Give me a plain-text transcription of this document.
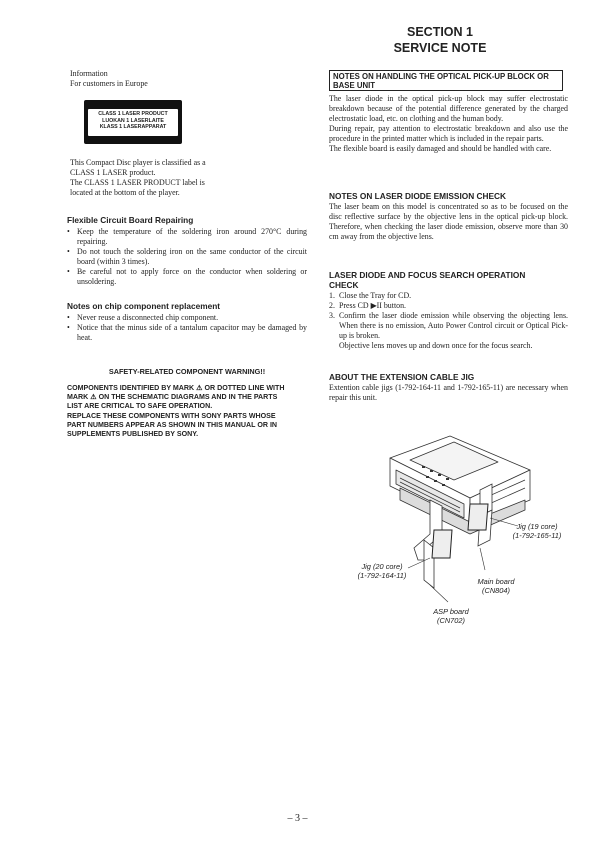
SECTION 1
SERVICE NOTE

Information

For customers in Europe

CLASS 1 LASER PRODUCT
LUOKAN 1 LASERLAITE
KLASS 1 LASERAPPARAT

This Compact Disc player is classified as a

CLASS 1 LASER product.

The CLASS 1 LASER PRODUCT label is

located at the bottom of the player.

Flexible Circuit Board Repairing
• Keep the temperature of the soldering iron around 270°C during repairing.
• Do not touch the soldering iron on the same conductor of the circuit board (within 3 times).
• Be careful not to apply force on the conductor when soldering or unsoldering.
Notes on chip component replacement
• Never reuse a disconnected chip component.
• Notice that the minus side of a tantalum capacitor may be damaged by heat.
SAFETY-RELATED COMPONENT WARNING!!

COMPONENTS IDENTIFIED BY MARK ⚠ OR DOTTED LINE WITH

MARK ⚠ ON THE SCHEMATIC DIAGRAMS AND IN THE PARTS

LIST ARE CRITICAL TO SAFE OPERATION.

REPLACE THESE COMPONENTS WITH SONY PARTS WHOSE

PART NUMBERS APPEAR AS SHOWN IN THIS MANUAL OR IN

SUPPLEMENTS PUBLISHED BY SONY.

NOTES ON HANDLING THE OPTICAL PICK-UP BLOCK OR BASE UNIT

The laser diode in the optical pick-up block may suffer electrostatic breakdown because of the potential difference generated by the charged electrostatic load, etc. on clothing and the human body.

During repair, pay attention to electrostatic breakdown and also use the procedure in the printed matter which is included in the repair parts.

The flexible board is easily damaged and should be handled with care.

NOTES ON LASER DIODE EMISSION CHECK

The laser beam on this model is concentrated so as to be focused on the disc reflective surface by the objective lens in the optical pick-up block. Therefore, when checking the laser diode emission, observe more than 30 cm away from the objective lens.

LASER DIODE AND FOCUS SEARCH OPERATION
CHECK
1. Close the Tray for CD.
2. Press CD ▶II button.
3. Confirm the laser diode emission while observing the objecting lens. When there is no emission, Auto Power Control circuit or Optical Pick-up is broken.

Objective lens moves up and down once for the focus search.

ABOUT THE EXTENSION CABLE JIG

Extention cable jigs (1-792-164-11 and 1-792-165-11) are necessary when repair this unit.

Jig (19 core)
(1-792-165-11)
Jig (20 core)
(1-792-164-11)
Main board
(CN804)
ASP board
(CN702)
– 3 –
